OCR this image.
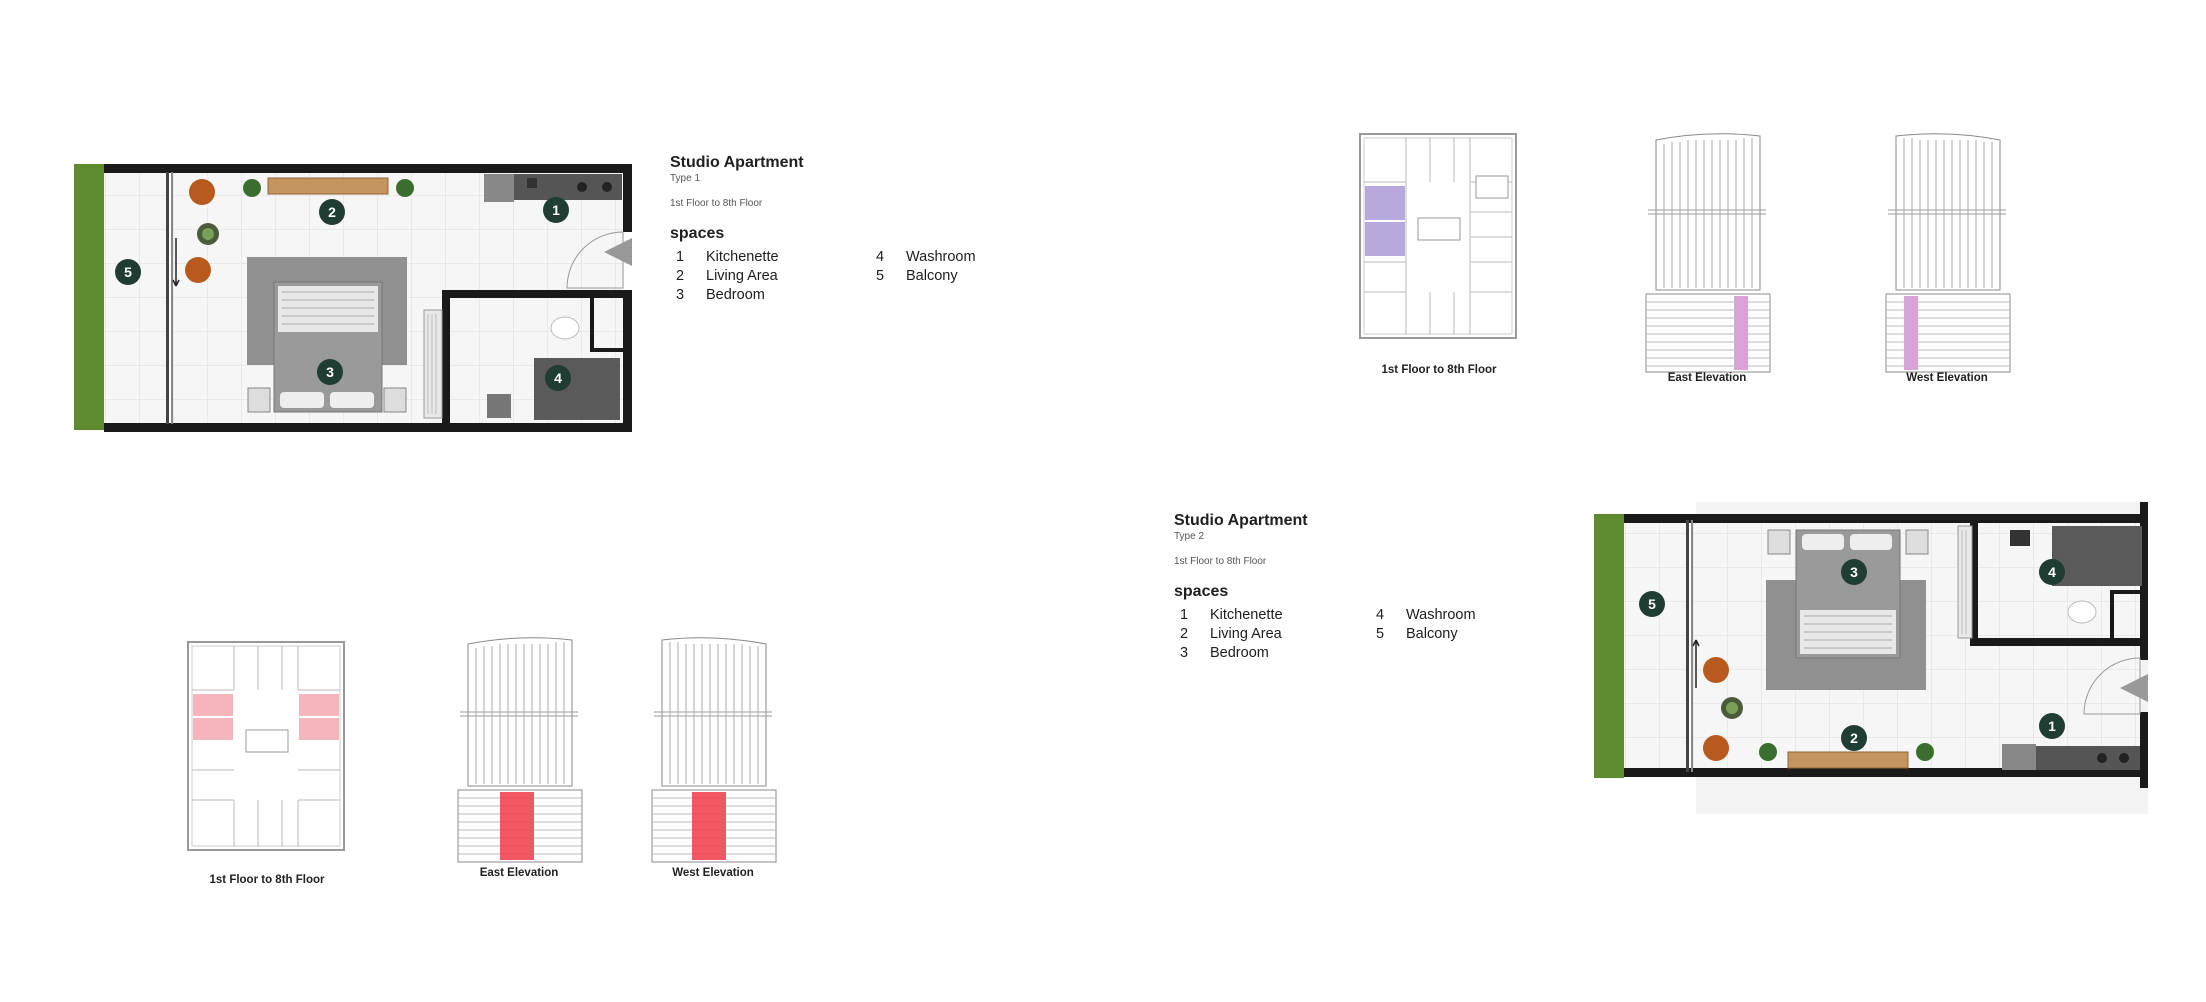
1
2
3	4
5
Studio Apartment
Type 1
1st Floor to 8th Floor
spaces
1	Kitchenette
2	Living Area
3	Bedroom
4	Washroom
5	Balcony
1st Floor to 8th Floor
East Elevation	West Elevation
1st Floor to 8th Floor
East Elevation	West Elevation
Studio Apartment
Type 2
1st Floor to 8th Floor
spaces
1	Kitchenette
2	Living Area
3	Bedroom
4	Washroom
5	Balcony
1
2
3	4
5
